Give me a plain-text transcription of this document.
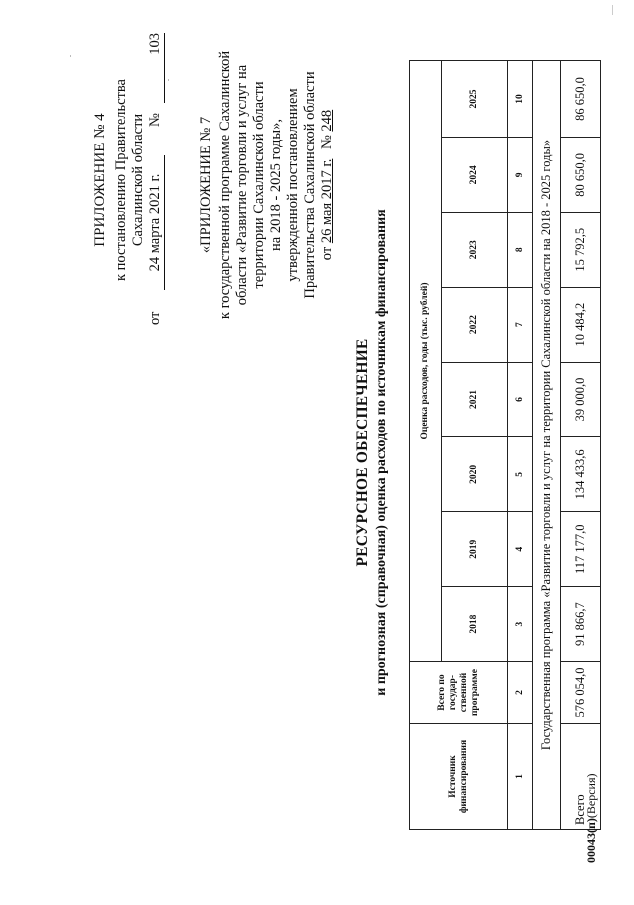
ПРИЛОЖЕНИЕ № 4 к постановлению Правительства Сахалинской области
от
24 марта 2021 г.
№
103
«ПРИЛОЖЕНИЕ № 7 к государственной программе Сахалинской области «Развитие торговли и услуг на территории Сахалинской области на 2018 - 2025 годы», утвержденной постановлением Правительства Сахалинской области от 26 мая 2017 г. № 248
РЕСУРСНОЕ ОБЕСПЕЧЕНИЕ и прогнозная (справочная) оценка расходов по источникам финансирования
Источник финансирования	Всего по государ-ственной программе	Оценка расходов, годы (тыс. рублей)							
		2018	2019	2020	2021	2022	2023	2024	2025
1	2	3	4	5	6	7	8	9	10
Государственная программа «Развитие торговли и услуг на территории Сахалинской области на 2018 - 2025 годы»									
Всего	576 054,0	91 866,7	117 177,0	134 433,6	39 000,0	10 484,2	15 792,5	80 650,0	86 650,0
00043(п)(Версия)
